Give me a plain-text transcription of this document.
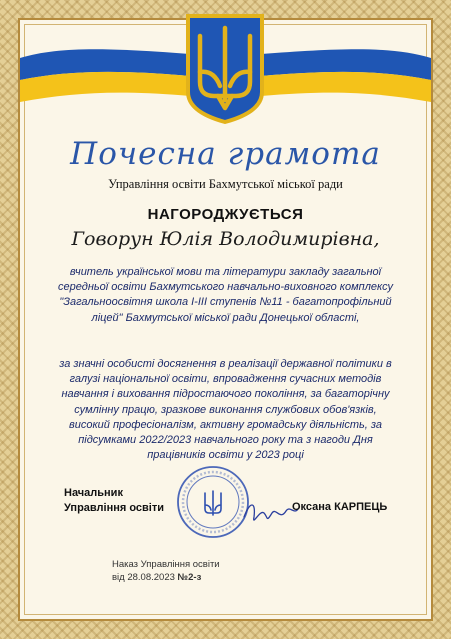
Почесна грамота
Управління освіти Бахмутської міської ради
НАГОРОДЖУЄТЬСЯ
Говорун Юлія Володимирівна,

вчитель української мови та літератури закладу загальної середньої освіти Бахмутського навчально-виховного комплексу "Загальноосвітня школа І-ІІІ ступенів №11 - багатопрофільний ліцей" Бахмутської міської ради Донецької області,

за значні особисті досягнення в реалізації державної політики в галузі національної освіти, впровадження сучасних методів навчання і виховання підростаючого покоління, за багаторічну сумлінну працю, зразкове виконання службових обов'язків, високий професіоналізм, активну громадську діяльність, за підсумками 2022/2023 навчального року та з нагоди Дня працівників освіти у 2023 році

Начальник
Управління освіти	Оксана КАРПЕЦЬ
Наказ Управління освіти
від 28.08.2023 №2-з
